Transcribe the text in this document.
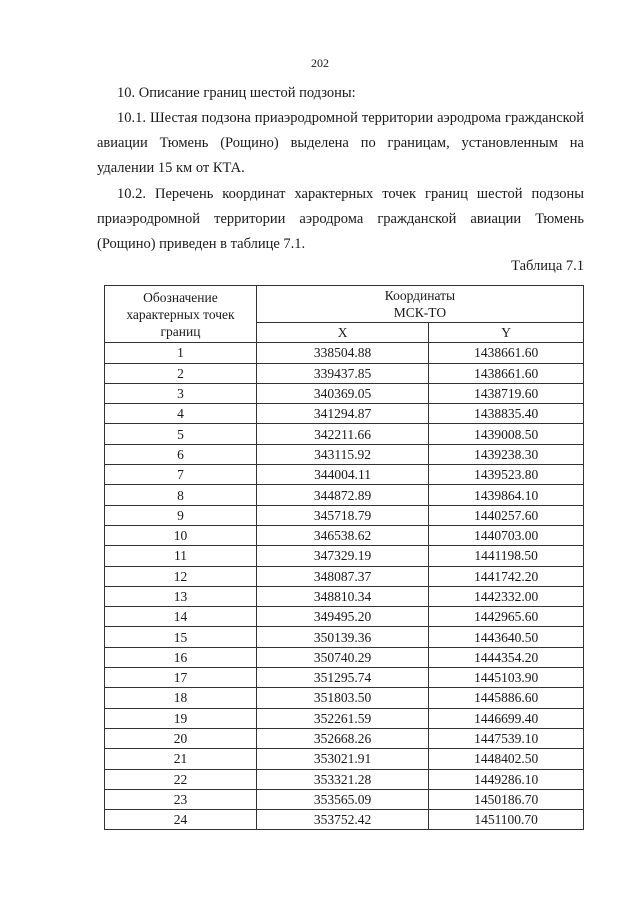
202

10. Описание границ шестой подзоны:

10.1. Шестая подзона приаэродромной территории аэродрома гражданской авиации Тюмень (Рощино) выделена по границам, установленным на удалении 15 км от КТА.

10.2. Перечень координат характерных точек границ шестой подзоны приаэродромной территории аэродрома гражданской авиации Тюмень (Рощино) приведен в таблице 7.1.

Таблица 7.1
Обозначение характерных точек границ	Координаты
МСК-ТО	
	X	Y
1	338504.88	1438661.60
2	339437.85	1438661.60
3	340369.05	1438719.60
4	341294.87	1438835.40
5	342211.66	1439008.50
6	343115.92	1439238.30
7	344004.11	1439523.80
8	344872.89	1439864.10
9	345718.79	1440257.60
10	346538.62	1440703.00
11	347329.19	1441198.50
12	348087.37	1441742.20
13	348810.34	1442332.00
14	349495.20	1442965.60
15	350139.36	1443640.50
16	350740.29	1444354.20
17	351295.74	1445103.90
18	351803.50	1445886.60
19	352261.59	1446699.40
20	352668.26	1447539.10
21	353021.91	1448402.50
22	353321.28	1449286.10
23	353565.09	1450186.70
24	353752.42	1451100.70
